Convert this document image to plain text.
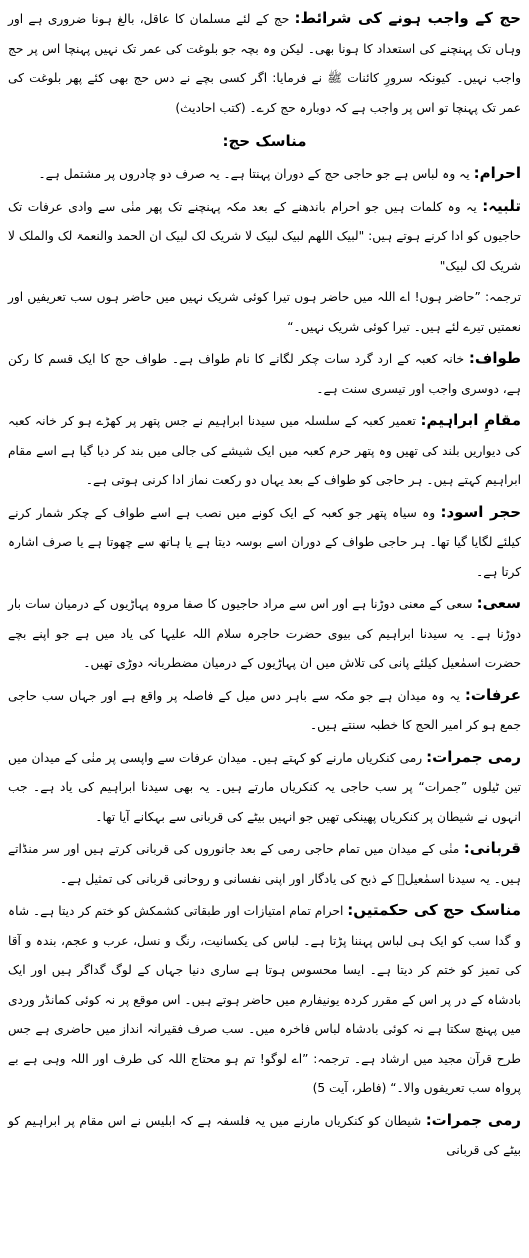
حج کے واجب ہونے کی شرائط: حج کے لئے مسلمان کا عاقل، بالغ ہونا ضروری ہے اور وہاں تک پہنچنے کی استعداد کا ہونا بھی۔ لیکن وہ بچہ جو بلوغت کی عمر تک نہیں پہنچا اس پر حج واجب نہیں۔ کیونکہ سرورِ کائنات ﷺ نے فرمایا: اگر کسی بچے نے دس حج بھی کئے پھر بلوغت کی عمر تک پہنچا تو اس پر واجب ہے کہ دوبارہ حج کرے۔ (کتب احادیث)

مناسک حج:

احرام: یہ وہ لباس ہے جو حاجی حج کے دوران پہنتا ہے۔ یہ صرف دو چادروں پر مشتمل ہے۔

تلبیہ: یہ وہ کلمات ہیں جو احرام باندھنے کے بعد مکہ پہنچنے تک پھر منٰی سے وادی عرفات تک حاجیوں کو ادا کرنے ہوتے ہیں: "لبیک اللھم لبیک لبیک لا شریک لک لبیک ان الحمد والنعمۃ لک والملک لا شریک لک لبیک"

ترجمہ: ”حاضر ہوں! اے اللہ میں حاضر ہوں تیرا کوئی شریک نہیں میں حاضر ہوں سب تعریفیں اور نعمتیں تیرے لئے ہیں۔ تیرا کوئی شریک نہیں۔“

طواف: خانہ کعبہ کے ارد گرد سات چکر لگانے کا نام طواف ہے۔ طواف حج کا ایک قسم کا رکن ہے، دوسری واجب اور تیسری سنت ہے۔

مقامِ ابراہیم: تعمیر کعبہ کے سلسلہ میں سیدنا ابراہیم نے جس پتھر پر کھڑے ہو کر خانہ کعبہ کی دیواریں بلند کی تھیں وہ پتھر حرم کعبہ میں ایک شیشے کی جالی میں بند کر دیا گیا ہے اسے مقام ابراہیم کہتے ہیں۔ ہر حاجی کو طواف کے بعد یہاں دو رکعت نماز ادا کرنی ہوتی ہے۔

حجر اسود: وہ سیاہ پتھر جو کعبہ کے ایک کونے میں نصب ہے اسے طواف کے چکر شمار کرنے کیلئے لگایا گیا تھا۔ ہر حاجی طواف کے دوران اسے بوسہ دیتا ہے یا ہاتھ سے چھوتا ہے یا صرف اشارہ کرتا ہے۔

سعی: سعی کے معنی دوڑنا ہے اور اس سے مراد حاجیوں کا صفا مروہ پہاڑیوں کے درمیان سات بار دوڑنا ہے۔ یہ سیدنا ابراہیم کی بیوی حضرت حاجرہ سلام اللہ علیہا کی یاد میں ہے جو اپنے بچے حضرت اسمٰعیل کیلئے پانی کی تلاش میں ان پہاڑیوں کے درمیان مضطربانہ دوڑی تھیں۔

عرفات: یہ وہ میدان ہے جو مکہ سے باہر دس میل کے فاصلہ پر واقع ہے اور جہاں سب حاجی جمع ہو کر امیر الحج کا خطبہ سنتے ہیں۔

رمی جمرات: رمی کنکریاں مارنے کو کہتے ہیں۔ میدان عرفات سے واپسی پر منٰی کے میدان میں تین ٹیلوں ”جمرات“ پر سب حاجی یہ کنکریاں مارتے ہیں۔ یہ بھی سیدنا ابراہیم کی یاد ہے۔ جب انہوں نے شیطان پر کنکریاں پھینکی تھیں جو انہیں بیٹے کی قربانی سے بہکانے آیا تھا۔

قربانی: منٰی کے میدان میں تمام حاجی رمی کے بعد جانوروں کی قربانی کرتے ہیں اور سر منڈاتے ہیں۔ یہ سیدنا اسمٰعیلؑ کے ذبح کی یادگار اور اپنی نفسانی و روحانی قربانی کی تمثیل ہے۔

مناسک حج کی حکمتیں: احرام تمام امتیازات اور طبقاتی کشمکش کو ختم کر دیتا ہے۔ شاہ و گدا سب کو ایک ہی لباس پہننا پڑتا ہے۔ لباس کی یکسانیت، رنگ و نسل، عرب و عجم، بندہ و آقا کی تمیز کو ختم کر دیتا ہے۔ ایسا محسوس ہوتا ہے ساری دنیا جہاں کے لوگ گداگر ہیں اور ایک بادشاہ کے در پر اس کے مقرر کردہ یونیفارم میں حاضر ہوتے ہیں۔ اس موقع پر نہ کوئی کمانڈر وردی میں پہنچ سکتا ہے نہ کوئی بادشاہ لباس فاخرہ میں۔ سب صرف فقیرانہ انداز میں حاضری ہے جس طرح قرآن مجید میں ارشاد ہے۔ ترجمہ: ”اے لوگو! تم ہو محتاج اللہ کی طرف اور اللہ وہی ہے بے پرواہ سب تعریفوں والا۔“ (فاطر، آیت 5)

رمی جمرات: شیطان کو کنکریاں مارنے میں یہ فلسفہ ہے کہ ابلیس نے اس مقام پر ابراہیم کو بیٹے کی قربانی
